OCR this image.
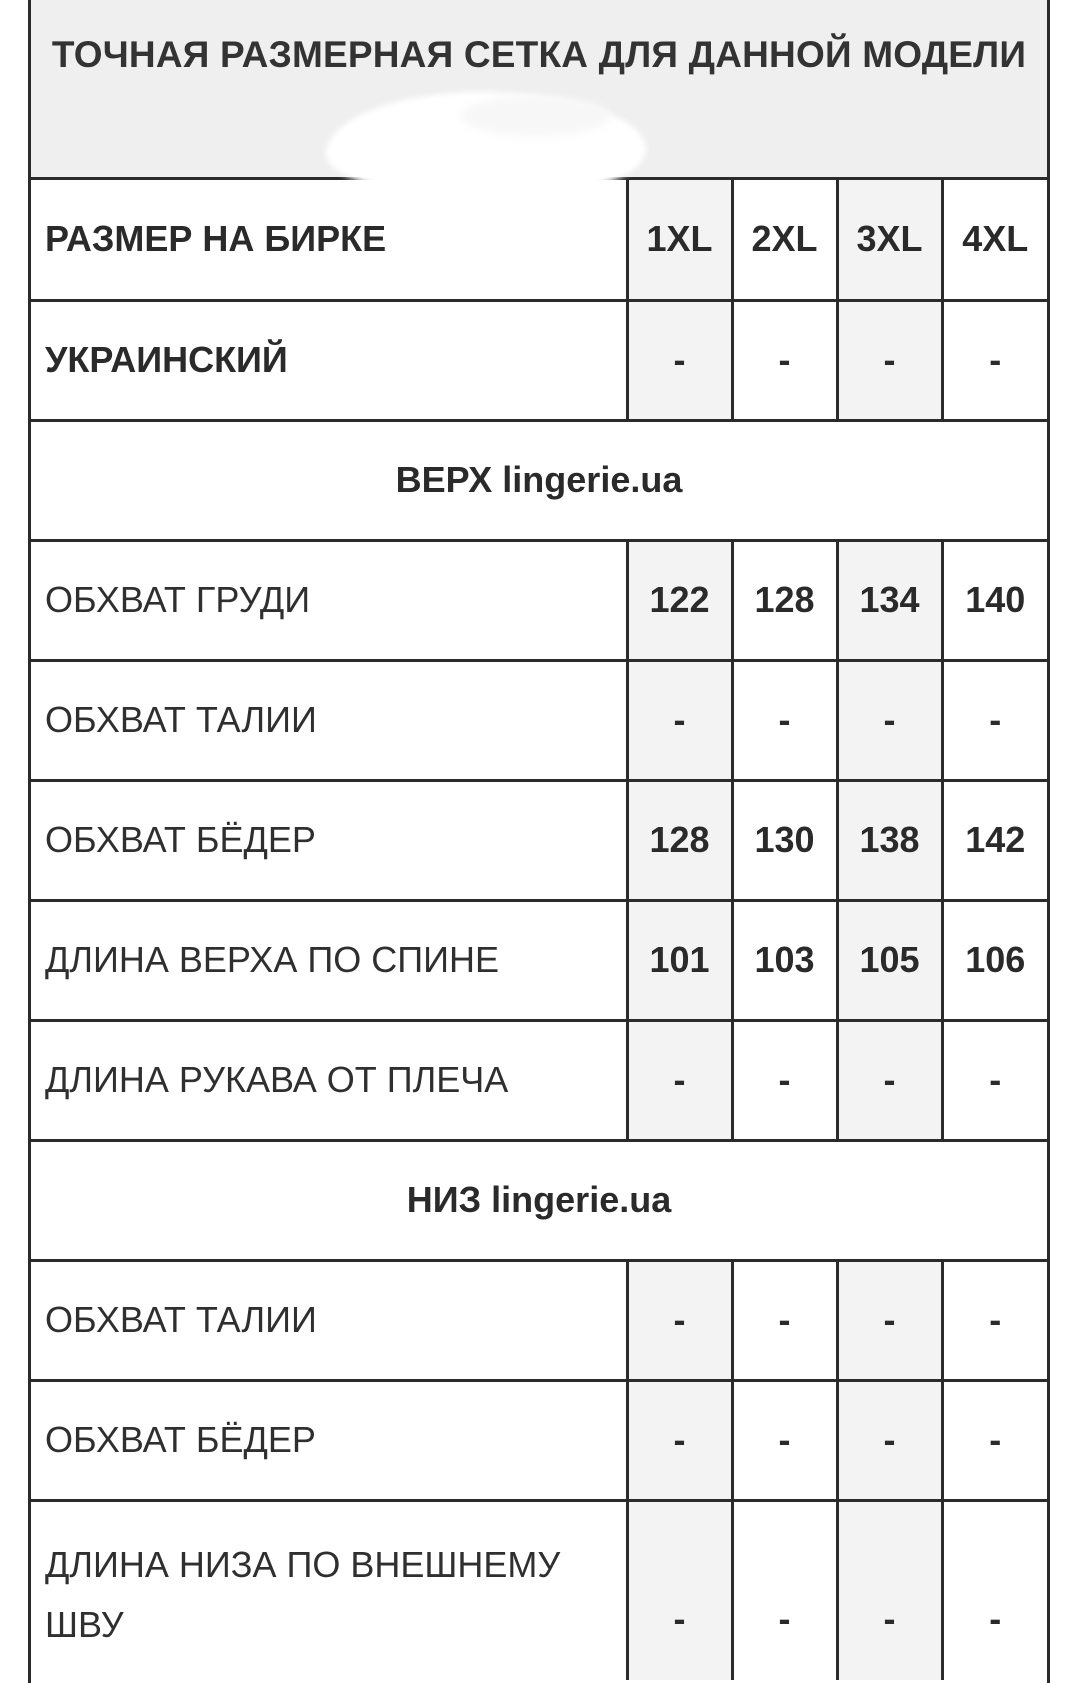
ТОЧНАЯ РАЗМЕРНАЯ СЕТКА ДЛЯ ДАННОЙ МОДЕЛИ
РАЗМЕР НА БИРКЕ	1XL	2XL	3XL	4XL
УКРАИНСКИЙ	-	-	-	-
ВЕРХ lingerie.ua				
ОБХВАТ ГРУДИ	122	128	134	140
ОБХВАТ ТАЛИИ	-	-	-	-
ОБХВАТ БЁДЕР	128	130	138	142
ДЛИНА ВЕРХА ПО СПИНЕ	101	103	105	106
ДЛИНА РУКАВА ОТ ПЛЕЧА	-	-	-	-
НИЗ lingerie.ua				
ОБХВАТ ТАЛИИ	-	-	-	-
ОБХВАТ БЁДЕР	-	-	-	-
ДЛИНА НИЗА ПО ВНЕШНЕМУ
ШВУ	-	-	-	-
